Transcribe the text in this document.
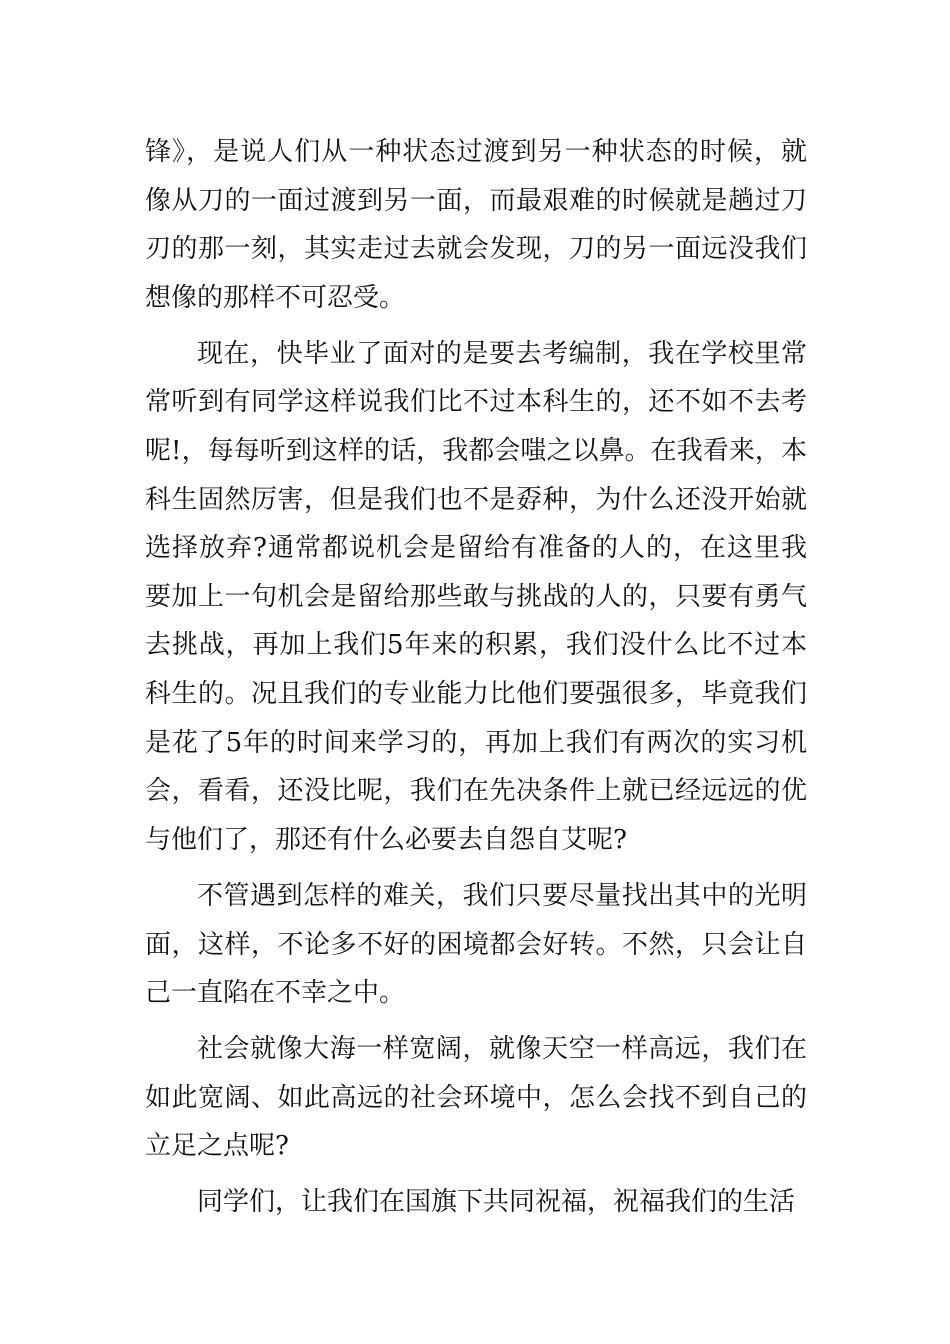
锋》，是说人们从一种状态过渡到另一种状态的时候，就像从刀的一面过渡到另一面，而最艰难的时候就是趟过刀刃的那一刻，其实走过去就会发现，刀的另一面远没我们想像的那样不可忍受。

现在，快毕业了面对的是要去考编制，我在学校里常常听到有同学这样说我们比不过本科生的，还不如不去考呢!，每每听到这样的话，我都会嗤之以鼻。在我看来，本科生固然厉害，但是我们也不是孬种，为什么还没开始就选择放弃?通常都说机会是留给有准备的人的，在这里我要加上一句机会是留给那些敢与挑战的人的，只要有勇气去挑战，再加上我们5年来的积累，我们没什么比不过本科生的。况且我们的专业能力比他们要强很多，毕竟我们是花了5年的时间来学习的，再加上我们有两次的实习机会，看看，还没比呢，我们在先决条件上就已经远远的优与他们了，那还有什么必要去自怨自艾呢?

不管遇到怎样的难关，我们只要尽量找出其中的光明面，这样，不论多不好的困境都会好转。不然，只会让自己一直陷在不幸之中。

社会就像大海一样宽阔，就像天空一样高远，我们在如此宽阔、如此高远的社会环境中，怎么会找不到自己的立足之点呢?

同学们，让我们在国旗下共同祝福，祝福我们的生活
